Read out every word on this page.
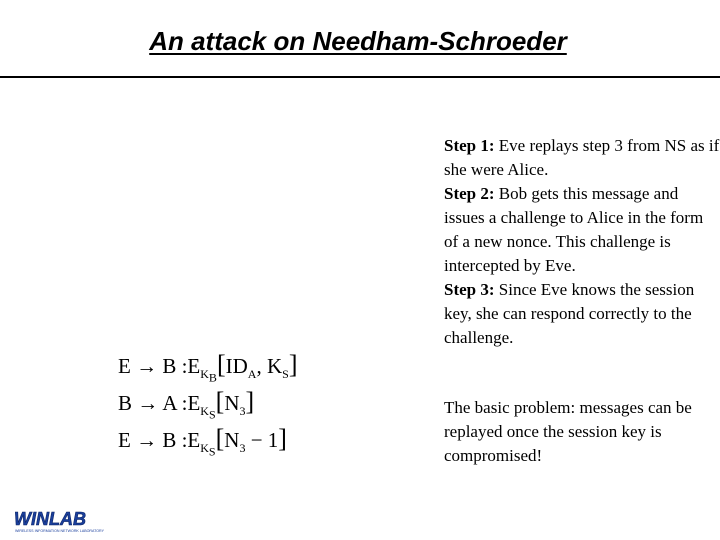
An attack on Needham-Schroeder
E → B $:E_{K_B}[ID_A$, $K_S$]
B → A $:E_{K_S}[N_3]$
E → B $:E_{K_S}[N_3 - 1]$

Step 1: Eve replays step 3 from NS as if she were Alice.

Step 2: Bob gets this message and issues a challenge to Alice in the form of a new nonce. This challenge is intercepted by Eve.

Step 3: Since Eve knows the session key, she can respond correctly to the challenge.

The basic problem: messages can be replayed once the session key is compromised!
WINLAB
WIRELESS INFORMATION NETWORK LABORATORY
